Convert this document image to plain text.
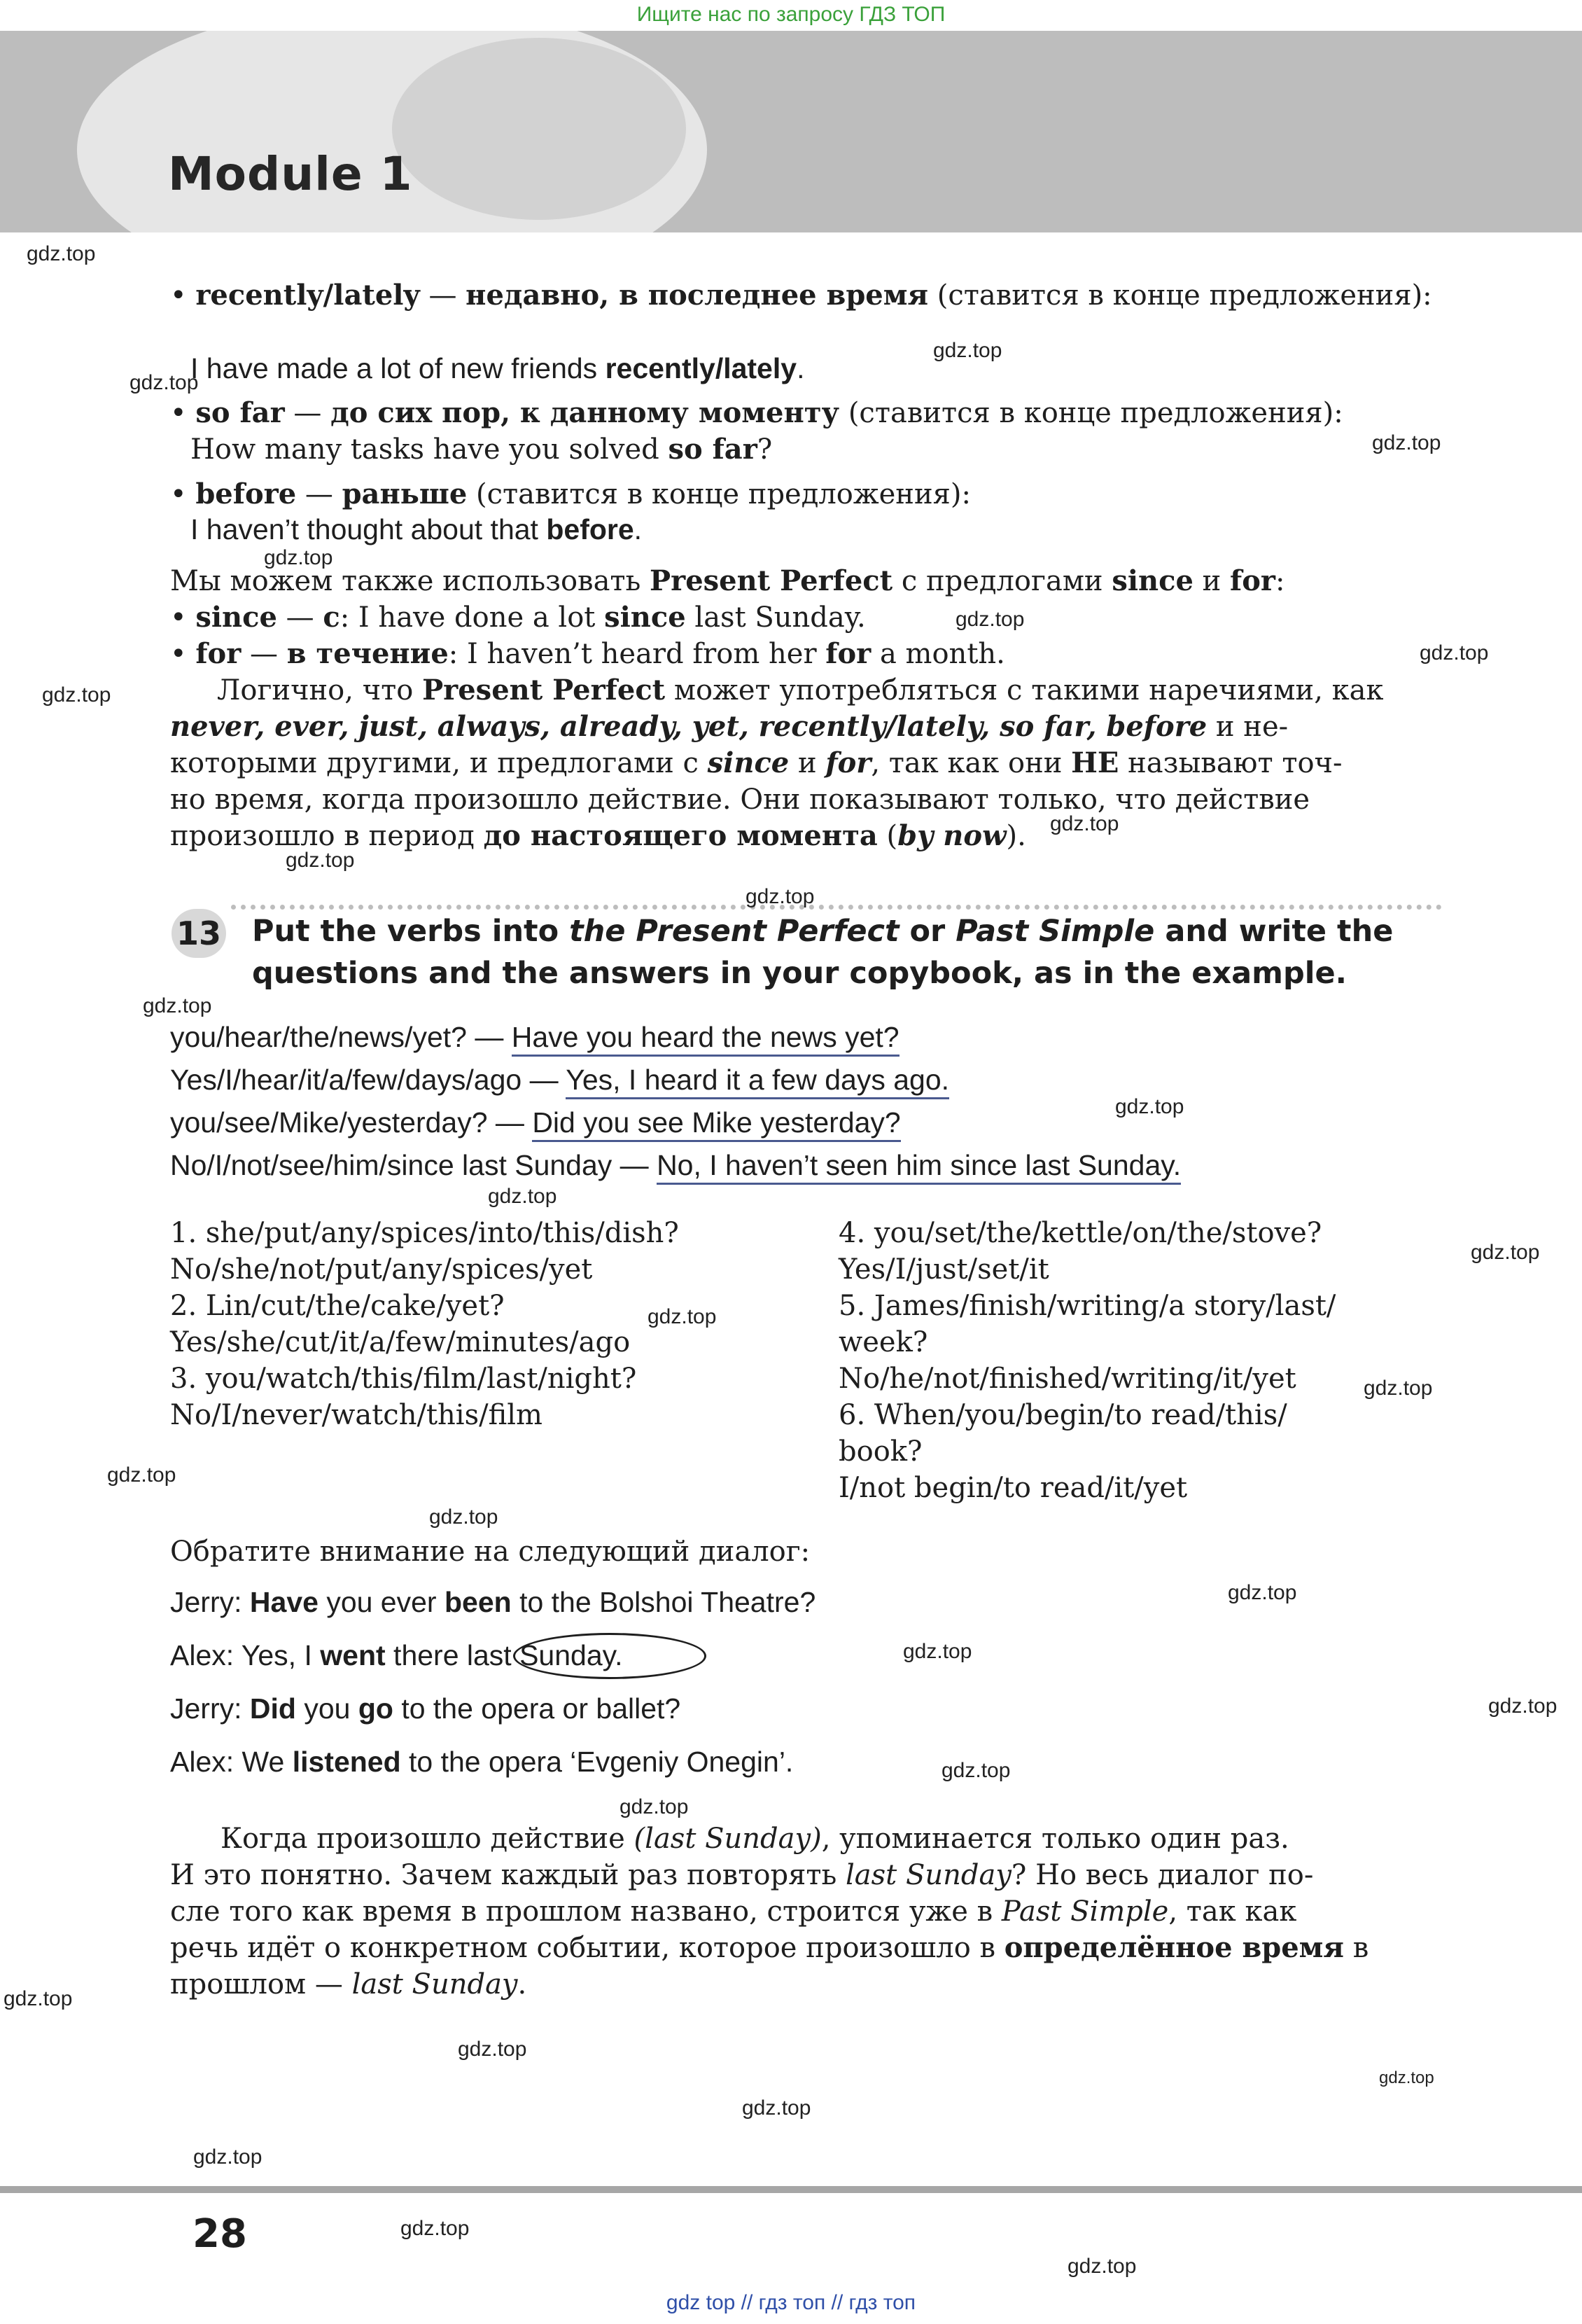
Ищите нас по запросу ГДЗ ТОП
Module 1
• recently/lately — недавно, в последнее время (ставится в конце предложения):
I have made a lot of new friends recently/lately.
• so far — до сих пор, к данному моменту (ставится в конце предложения):
How many tasks have you solved so far?
• before — раньше (ставится в конце предложения):
I haven’t thought about that before.
Мы можем также использовать Present Perfect с предлогами since и for:
• since — с: I have done a lot since last Sunday.
• for — в течение: I haven’t heard from her for a month.
Логично, что Present Perfect может употребляться с такими наречиями, как
never, ever, just, always, already, yet, recently/lately, so far, before и не-
которыми другими, и предлогами с since и for, так как они НЕ называют точ-
но время, когда произошло действие. Они показывают только, что действие
произошло в период до настоящего момента (by now).
13 Put the verbs into the Present Perfect or Past Simple and write the
questions and the answers in your copybook, as in the example.
you/hear/the/news/yet? — Have you heard the news yet?
Yes/I/hear/it/a/few/days/ago — Yes, I heard it a few days ago.
you/see/Mike/yesterday? — Did you see Mike yesterday?
No/I/not/see/him/since last Sunday — No, I haven’t seen him since last Sunday.
1. she/put/any/spices/into/this/dish?
No/she/not/put/any/spices/yet
2. Lin/cut/the/cake/yet?
Yes/she/cut/it/a/few/minutes/ago
3. you/watch/this/film/last/night?
No/I/never/watch/this/film
4. you/set/the/kettle/on/the/stove?
Yes/I/just/set/it
5. James/finish/writing/a story/last/
week?
No/he/not/finished/writing/it/yet
6. When/you/begin/to read/this/
book?
I/not begin/to read/it/yet
Обратите внимание на следующий диалог:
Jerry: Have you ever been to the Bolshoi Theatre?
Alex: Yes, I went there last Sunday.
Jerry: Did you go to the opera or ballet?
Alex: We listened to the opera ‘Evgeniy Onegin’.
Когда произошло действие (last Sunday), упоминается только один раз.
И это понятно. Зачем каждый раз повторять last Sunday? Но весь диалог по-
сле того как время в прошлом названо, строится уже в Past Simple, так как
речь идёт о конкретном событии, которое произошло в определённое время в
прошлом — last Sunday.
gdz.top
gdz.top
gdz.top
gdz.top
gdz.top
gdz.top
gdz.top
gdz.top
gdz.top
gdz.top
gdz.top
gdz.top
gdz.top
gdz.top
gdz.top
gdz.top
gdz.top
gdz.top
gdz.top
gdz.top
gdz.top
gdz.top
gdz.top
gdz.top
gdz.top
gdz.top
gdz.top
gdz.top
gdz.top
gdz.top
gdz.top
28
gdz top // гдз топ // гдз топ
